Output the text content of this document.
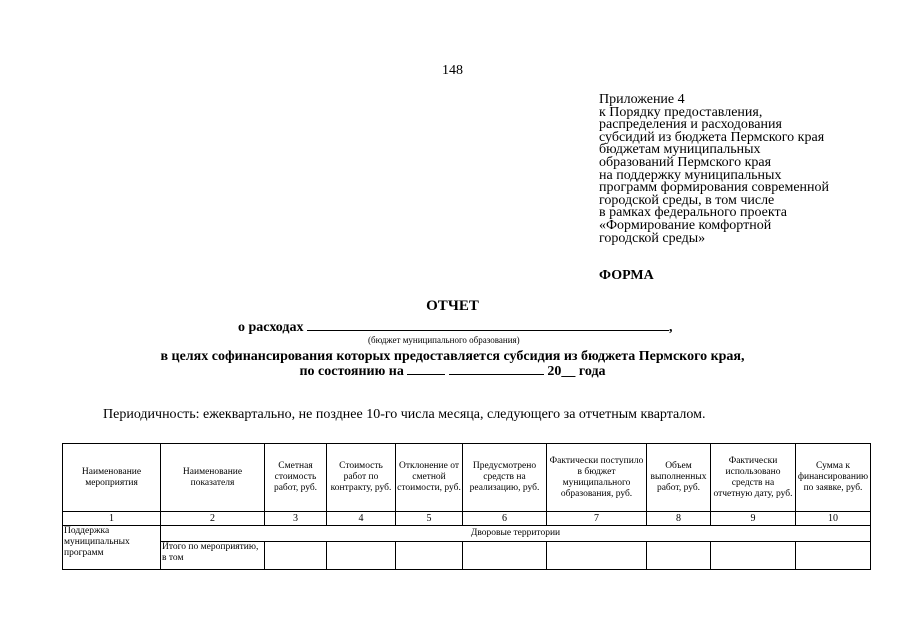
148
Приложение 4
к Порядку предоставления,
распределения и расходования
субсидий из бюджета Пермского края
бюджетам муниципальных
образований Пермского края
на поддержку муниципальных
программ формирования современной
городской среды, в том числе
в рамках федерального проекта
«Формирование комфортной
городской среды»
ФОРМА
ОТЧЕТ
о расходах	,
(бюджет муниципального образования)
в целях софинансирования которых предоставляется субсидия из бюджета Пермского края,
по состоянию на	20__ года
Периодичность: ежеквартально, не позднее 10-го числа месяца, следующего за отчетным кварталом.
Наименование мероприятия	Наименование показателя	Сметная стоимость работ, руб.	Стоимость работ по контракту, руб.	Отклонение от сметной стоимости, руб.	Предусмотрено средств на реализацию, руб.	Фактически поступило в бюджет муниципального образования, руб.	Объем выполненных работ, руб.	Фактически использовано средств на отчетную дату, руб.	Сумма к финансированию по заявке, руб.
1	2	3	4	5	6	7	8	9	10
Поддержка муниципальных программ	Дворовые территории								
	Итого по мероприятию, в том								
